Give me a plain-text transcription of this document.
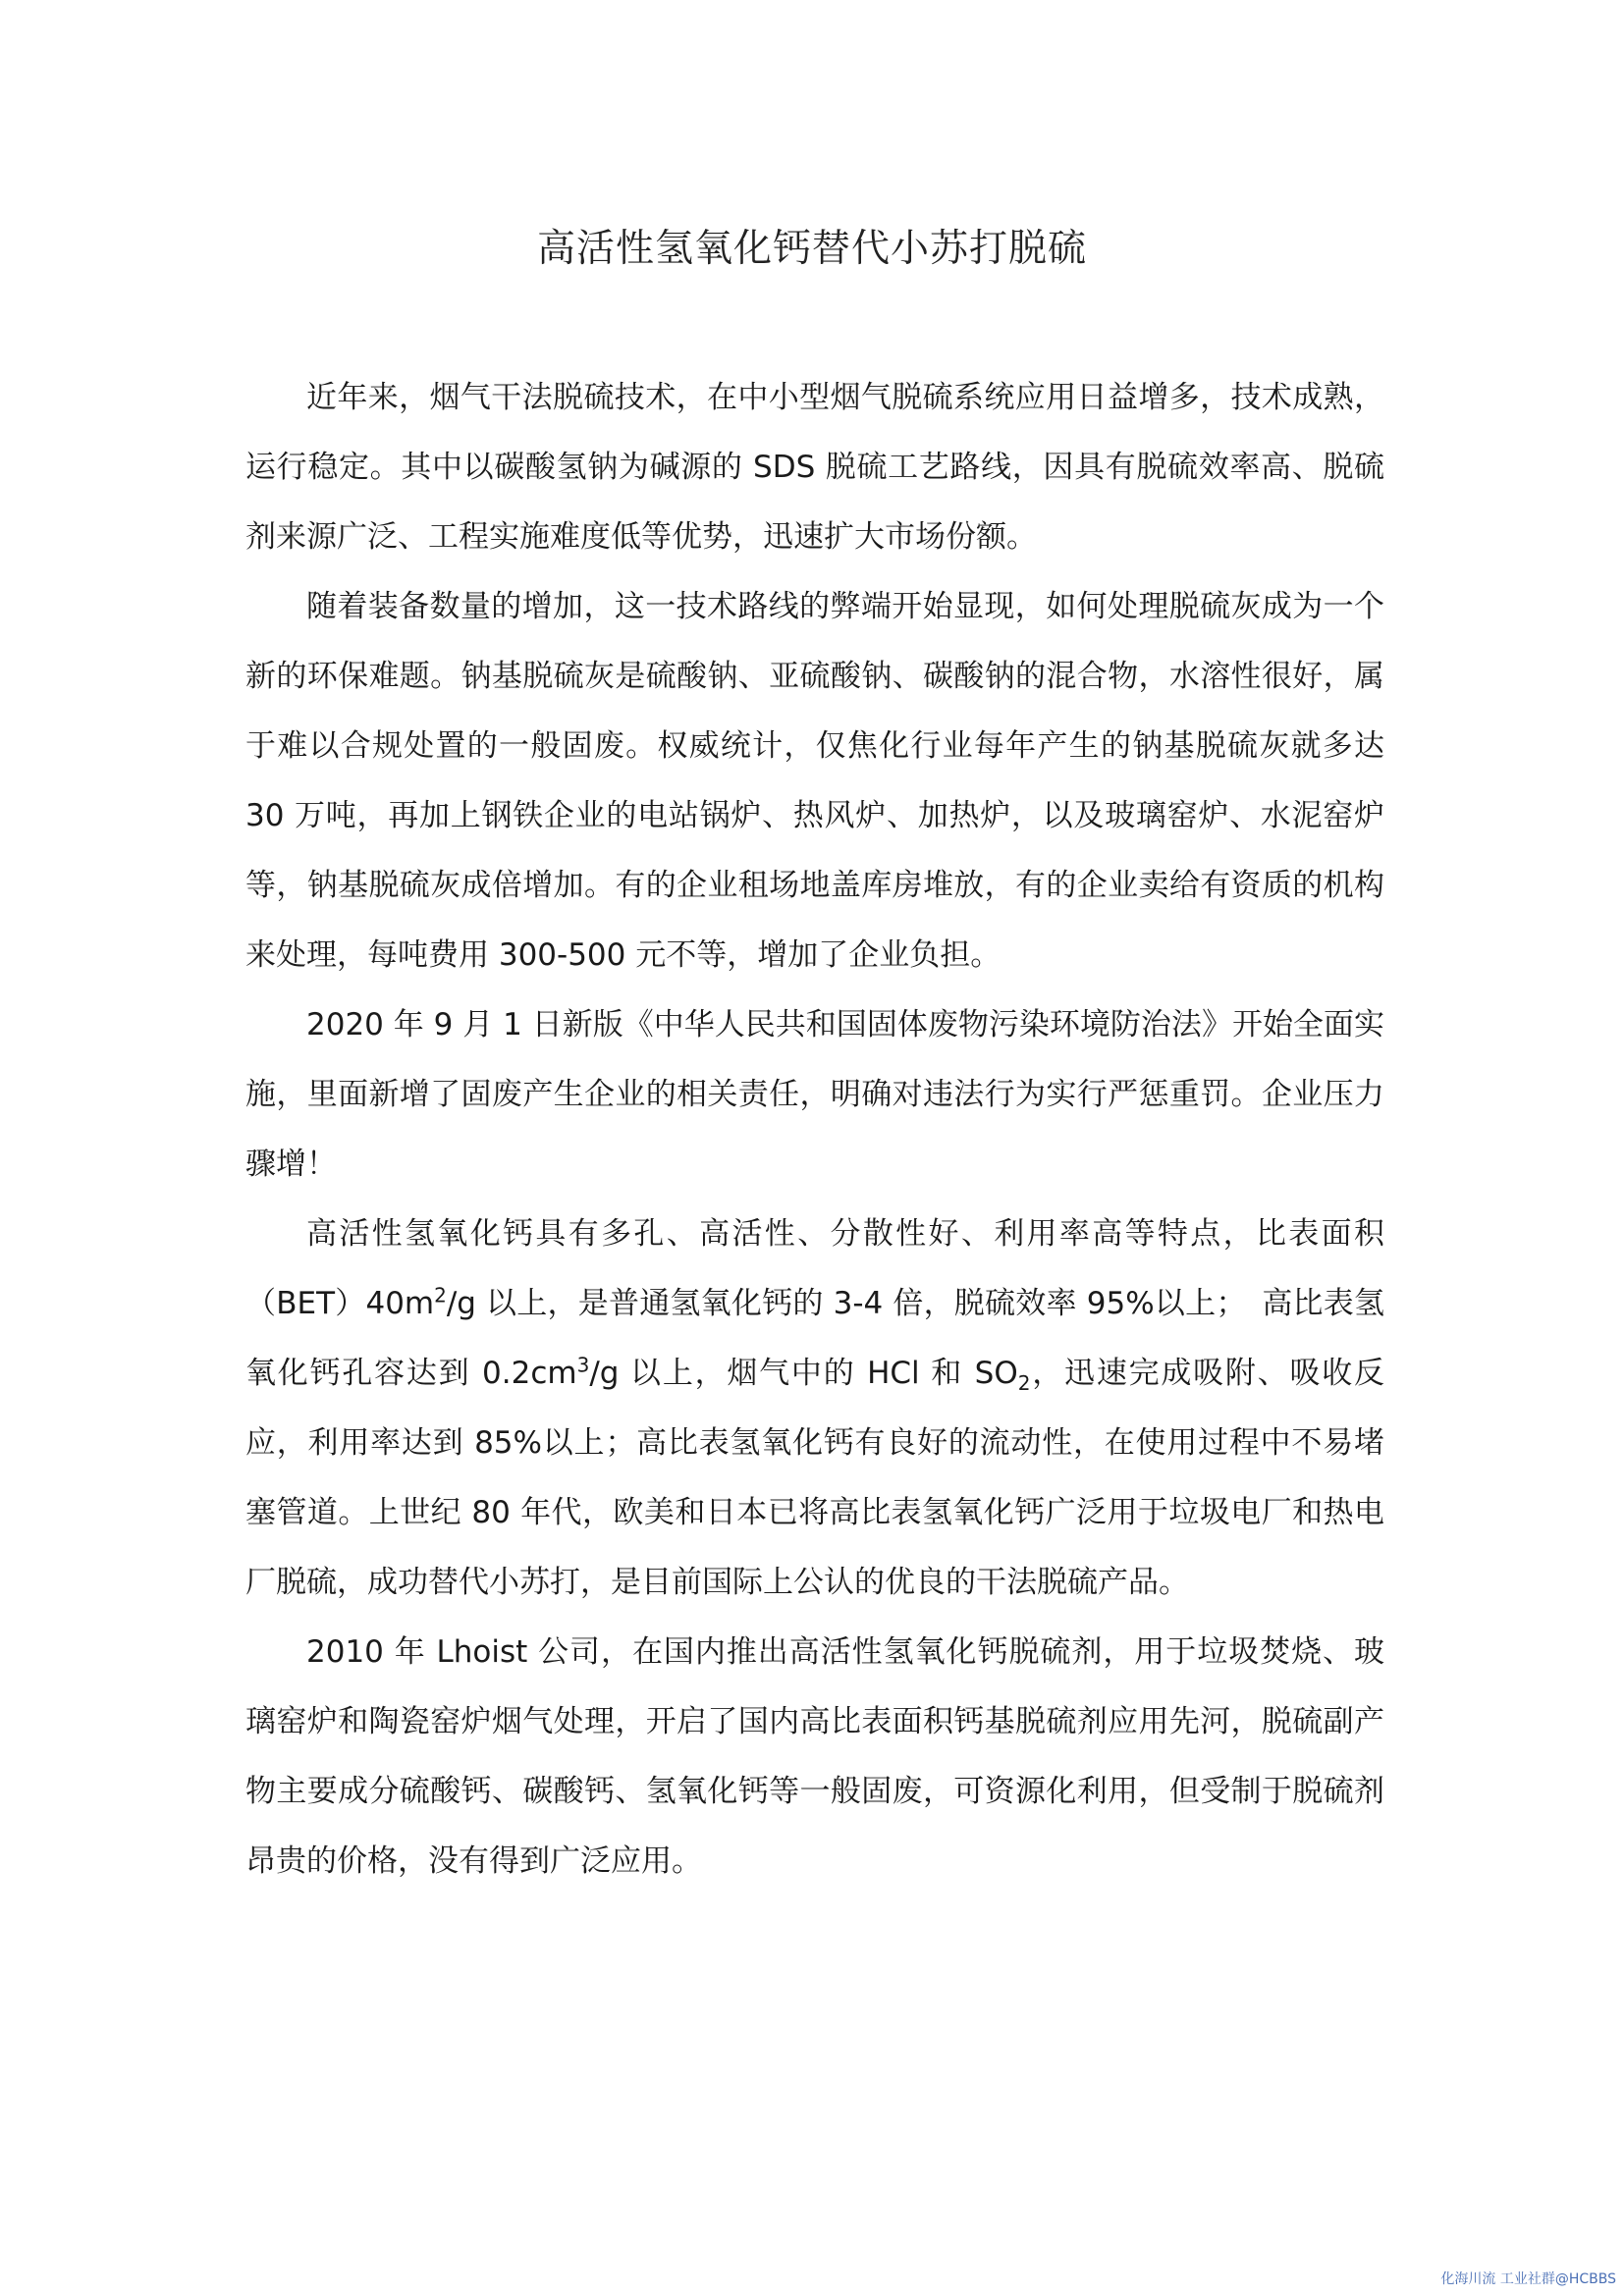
高活性氢氧化钙替代小苏打脱硫

近年来，烟气干法脱硫技术，在中小型烟气脱硫系统应用日益增多，技术成熟，运行稳定。其中以碳酸氢钠为碱源的 SDS 脱硫工艺路线，因具有脱硫效率高、脱硫剂来源广泛、工程实施难度低等优势，迅速扩大市场份额。

随着装备数量的增加，这一技术路线的弊端开始显现，如何处理脱硫灰成为一个新的环保难题。钠基脱硫灰是硫酸钠、亚硫酸钠、碳酸钠的混合物，水溶性很好，属于难以合规处置的一般固废。权威统计，仅焦化行业每年产生的钠基脱硫灰就多达 30 万吨，再加上钢铁企业的电站锅炉、热风炉、加热炉，以及玻璃窑炉、水泥窑炉等，钠基脱硫灰成倍增加。有的企业租场地盖库房堆放，有的企业卖给有资质的机构来处理，每吨费用 300-500 元不等，增加了企业负担。

2020 年 9 月 1 日新版《中华人民共和国固体废物污染环境防治法》开始全面实施，里面新增了固废产生企业的相关责任，明确对违法行为实行严惩重罚。企业压力骤增！

高活性氢氧化钙具有多孔、高活性、分散性好、利用率高等特点，比表面积$(BET)40m^2/g$ 以上，是普通氢氧化钙的 3-4 倍，脱硫效率 95%以上；　高比表氢氧化钙孔容达到 $0.2cm^3/g$ 以上，烟气中的 HCl 和 $SO_2$，迅速完成吸附、吸收反应，利用率达到 85%以上；高比表氢氧化钙有良好的流动性，在使用过程中不易堵塞管道。上世纪 80 年代，欧美和日本已将高比表氢氧化钙广泛用于垃圾电厂和热电厂脱硫，成功替代小苏打，是目前国际上公认的优良的干法脱硫产品。

2010 年 Lhoist 公司，在国内推出高活性氢氧化钙脱硫剂，用于垃圾焚烧、玻璃窑炉和陶瓷窑炉烟气处理，开启了国内高比表面积钙基脱硫剂应用先河，脱硫副产物主要成分硫酸钙、碳酸钙、氢氧化钙等一般固废，可资源化利用，但受制于脱硫剂昂贵的价格，没有得到广泛应用。

化海川流 工业社群@HCBBS
